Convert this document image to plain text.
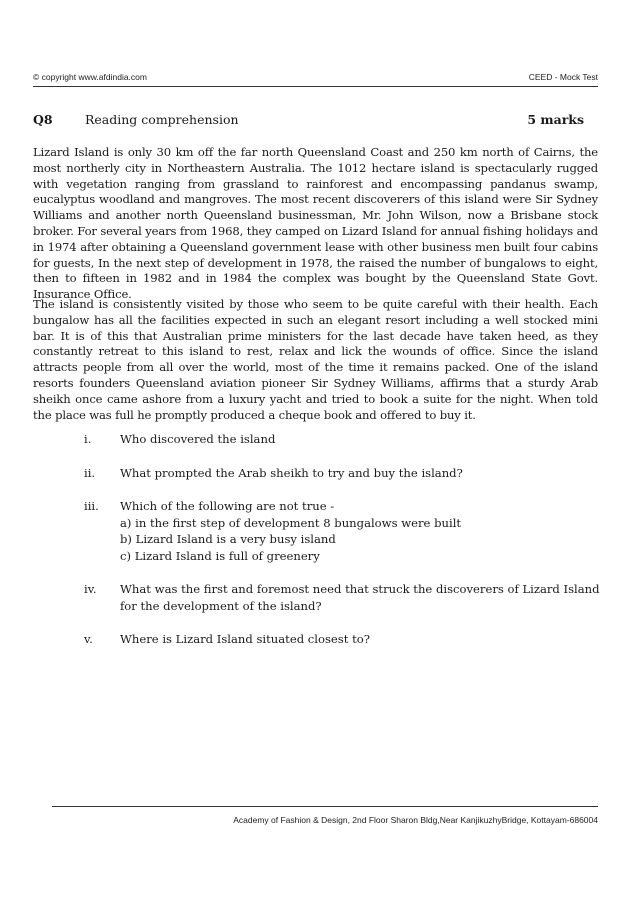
© copyright www.afdindia.com	CEED - Mock Test
Q8	Reading comprehension	5 marks

Lizard Island is only 30 km off the far north Queensland Coast and 250 km north of Cairns, the most northerly city in Northeastern Australia. The 1012 hectare island is spectacularly rugged with vegetation ranging from grassland to rainforest and encompassing pandanus swamp, eucalyptus woodland and mangroves. The most recent discoverers of this island were Sir Sydney Williams and another north Queensland businessman, Mr. John Wilson, now a Brisbane stock broker. For several years from 1968, they camped on Lizard Island for annual fishing holidays and in 1974 after obtaining a Queensland government lease with other business men built four cabins for guests, In the next step of development in 1978, the raised the number of bungalows to eight, then to fifteen in 1982 and in 1984 the complex was bought by the Queensland State Govt. Insurance Office.

The island is consistently visited by those who seem to be quite careful with their health. Each bungalow has all the facilities expected in such an elegant resort including a well stocked mini bar. It is of this that Australian prime ministers for the last decade have taken heed, as they constantly retreat to this island to rest, relax and lick the wounds of office. Since the island attracts people from all over the world, most of the time it remains packed. One of the island resorts founders Queensland aviation pioneer Sir Sydney Williams, affirms that a sturdy Arab sheikh once came ashore from a luxury yacht and tried to book a suite for the night. When told the place was full he promptly produced a cheque book and offered to buy it.

i. Who discovered the island
ii. What prompted the Arab sheikh to try and buy the island?
iii. Which of the following are not true -
a) in the first step of development 8 bungalows were built
b) Lizard Island is a very busy island
c) Lizard Island is full of greenery
iv. What was the first and foremost need that struck the discoverers of Lizard Island for the development of the island?
v. Where is Lizard Island situated closest to?
Academy of Fashion & Design, 2nd Floor Sharon Bldg,Near KanjikuzhyBridge, Kottayam-686004
